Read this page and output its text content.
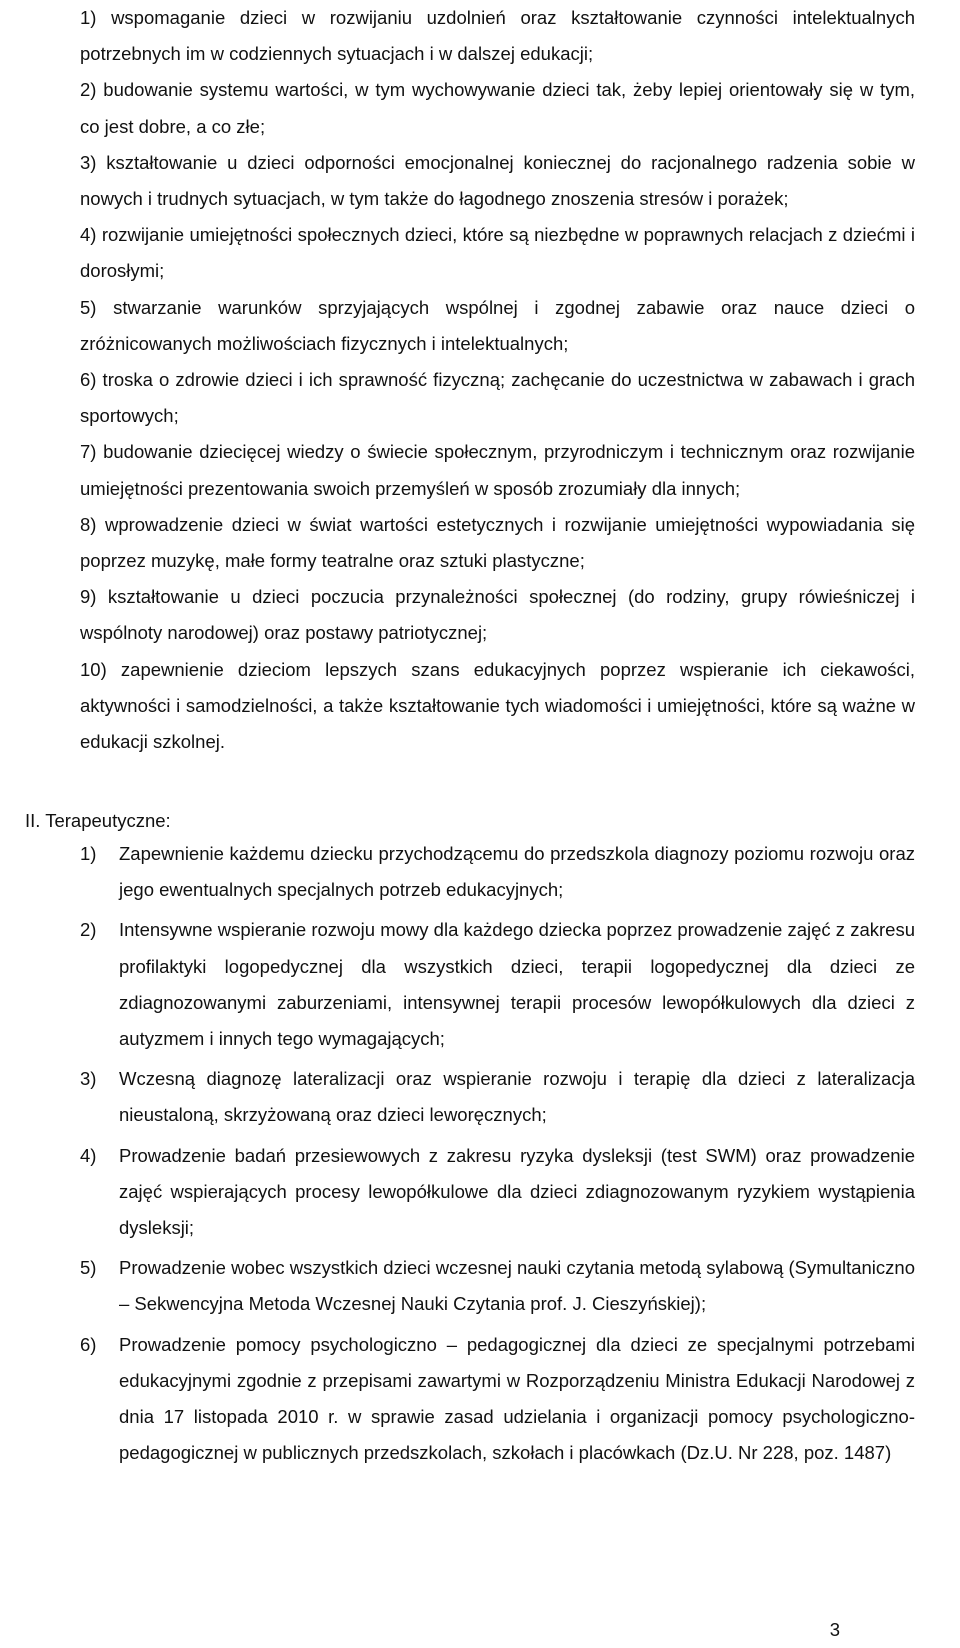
1) wspomaganie dzieci w rozwijaniu uzdolnień oraz kształtowanie czynności intelektualnych potrzebnych im w codziennych sytuacjach i w dalszej edukacji;
2) budowanie systemu wartości, w tym wychowywanie dzieci tak, żeby lepiej orientowały się w tym, co jest dobre, a co złe;
3) kształtowanie u dzieci odporności emocjonalnej koniecznej do racjonalnego radzenia sobie w nowych i trudnych sytuacjach, w tym także do łagodnego znoszenia stresów i porażek;
4) rozwijanie umiejętności społecznych dzieci, które są niezbędne w poprawnych relacjach z dziećmi i dorosłymi;
5) stwarzanie warunków sprzyjających wspólnej i zgodnej zabawie oraz nauce dzieci o zróżnicowanych możliwościach fizycznych i intelektualnych;
6) troska o zdrowie dzieci i ich sprawność fizyczną; zachęcanie do uczestnictwa w zabawach i grach sportowych;
7) budowanie dziecięcej wiedzy o świecie społecznym, przyrodniczym i technicznym oraz rozwijanie umiejętności prezentowania swoich przemyśleń w sposób zrozumiały dla innych;
8) wprowadzenie dzieci w świat wartości estetycznych i rozwijanie umiejętności wypowiadania się poprzez muzykę, małe formy teatralne oraz sztuki plastyczne;
9) kształtowanie u dzieci poczucia przynależności społecznej (do rodziny, grupy rówieśniczej i wspólnoty narodowej) oraz postawy patriotycznej;
10) zapewnienie dzieciom lepszych szans edukacyjnych poprzez wspieranie ich ciekawości, aktywności i samodzielności, a także kształtowanie tych wiadomości i umiejętności, które są ważne w edukacji szkolnej.
II. Terapeutyczne:
1)	Zapewnienie każdemu dziecku przychodzącemu do przedszkola diagnozy poziomu rozwoju oraz jego ewentualnych specjalnych potrzeb edukacyjnych;
2)	Intensywne wspieranie rozwoju mowy dla każdego dziecka poprzez prowadzenie zajęć z zakresu profilaktyki logopedycznej dla wszystkich dzieci, terapii logopedycznej dla dzieci ze zdiagnozowanymi zaburzeniami, intensywnej terapii procesów lewopółkulowych dla dzieci z autyzmem i innych tego wymagających;
3)	Wczesną diagnozę lateralizacji oraz wspieranie rozwoju i terapię dla dzieci z lateralizacja nieustaloną, skrzyżowaną oraz dzieci leworęcznych;
4)	Prowadzenie badań przesiewowych z zakresu ryzyka dysleksji (test SWM) oraz prowadzenie zajęć wspierających procesy lewopółkulowe dla dzieci zdiagnozowanym ryzykiem wystąpienia dysleksji;
5)	Prowadzenie wobec wszystkich dzieci wczesnej nauki czytania metodą sylabową (Symultaniczno – Sekwencyjna Metoda Wczesnej Nauki Czytania prof. J. Cieszyńskiej);
6)	Prowadzenie pomocy psychologiczno – pedagogicznej dla dzieci ze specjalnymi potrzebami edukacyjnymi zgodnie z przepisami zawartymi w Rozporządzeniu Ministra Edukacji Narodowej z dnia 17 listopada 2010 r. w sprawie zasad udzielania i organizacji pomocy psychologiczno-pedagogicznej w publicznych przedszkolach, szkołach i placówkach (Dz.U. Nr 228, poz. 1487)
3
